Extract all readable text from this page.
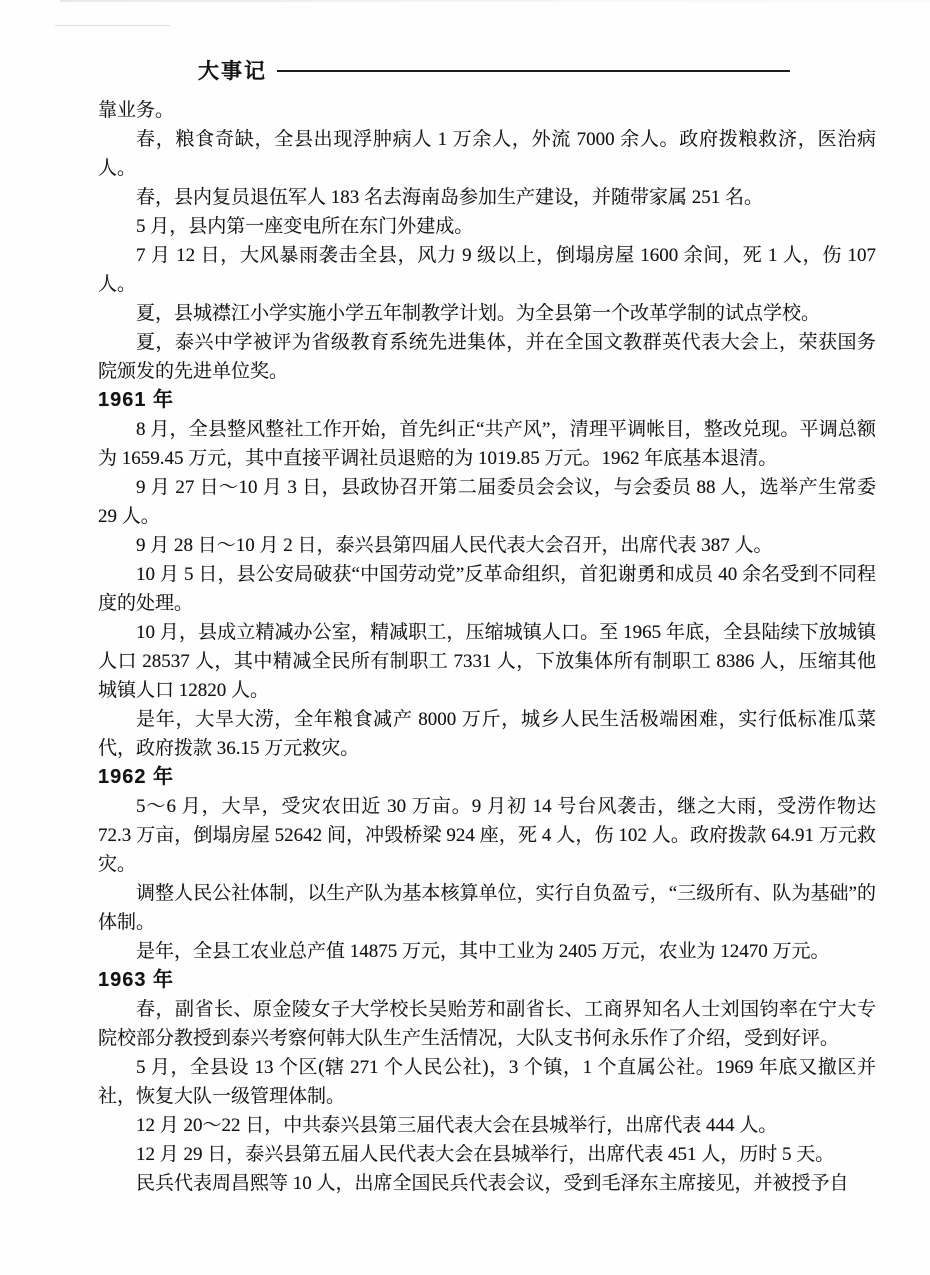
大事记

靠业务。

春，粮食奇缺，全县出现浮肿病人 1 万余人，外流 7000 余人。政府拨粮救济，医治病人。

春，县内复员退伍军人 183 名去海南岛参加生产建设，并随带家属 251 名。

5 月，县内第一座变电所在东门外建成。

7 月 12 日，大风暴雨袭击全县，风力 9 级以上，倒塌房屋 1600 余间，死 1 人，伤 107 人。

夏，县城襟江小学实施小学五年制教学计划。为全县第一个改革学制的试点学校。

夏，泰兴中学被评为省级教育系统先进集体，并在全国文教群英代表大会上，荣获国务院颁发的先进单位奖。

1961 年

8 月，全县整风整社工作开始，首先纠正“共产风”，清理平调帐目，整改兑现。平调总额为 1659.45 万元，其中直接平调社员退赔的为 1019.85 万元。1962 年底基本退清。

9 月 27 日～10 月 3 日，县政协召开第二届委员会会议，与会委员 88 人，选举产生常委 29 人。

9 月 28 日～10 月 2 日，泰兴县第四届人民代表大会召开，出席代表 387 人。

10 月 5 日，县公安局破获“中国劳动党”反革命组织，首犯谢勇和成员 40 余名受到不同程度的处理。

10 月，县成立精减办公室，精减职工，压缩城镇人口。至 1965 年底，全县陆续下放城镇人口 28537 人，其中精减全民所有制职工 7331 人，下放集体所有制职工 8386 人，压缩其他城镇人口 12820 人。

是年，大旱大涝，全年粮食减产 8000 万斤，城乡人民生活极端困难，实行低标准瓜菜代，政府拨款 36.15 万元救灾。

1962 年

5～6 月，大旱，受灾农田近 30 万亩。9 月初 14 号台风袭击，继之大雨，受涝作物达 72.3 万亩，倒塌房屋 52642 间，冲毁桥梁 924 座，死 4 人，伤 102 人。政府拨款 64.91 万元救灾。

调整人民公社体制，以生产队为基本核算单位，实行自负盈亏，“三级所有、队为基础”的体制。

是年，全县工农业总产值 14875 万元，其中工业为 2405 万元，农业为 12470 万元。

1963 年

春，副省长、原金陵女子大学校长吴贻芳和副省长、工商界知名人士刘国钧率在宁大专院校部分教授到泰兴考察何韩大队生产生活情况，大队支书何永乐作了介绍，受到好评。

5 月，全县设 13 个区(辖 271 个人民公社)，3 个镇，1 个直属公社。1969 年底又撤区并社，恢复大队一级管理体制。

12 月 20～22 日，中共泰兴县第三届代表大会在县城举行，出席代表 444 人。

12 月 29 日，泰兴县第五届人民代表大会在县城举行，出席代表 451 人，历时 5 天。

民兵代表周昌熙等 10 人，出席全国民兵代表会议，受到毛泽东主席接见，并被授予自
